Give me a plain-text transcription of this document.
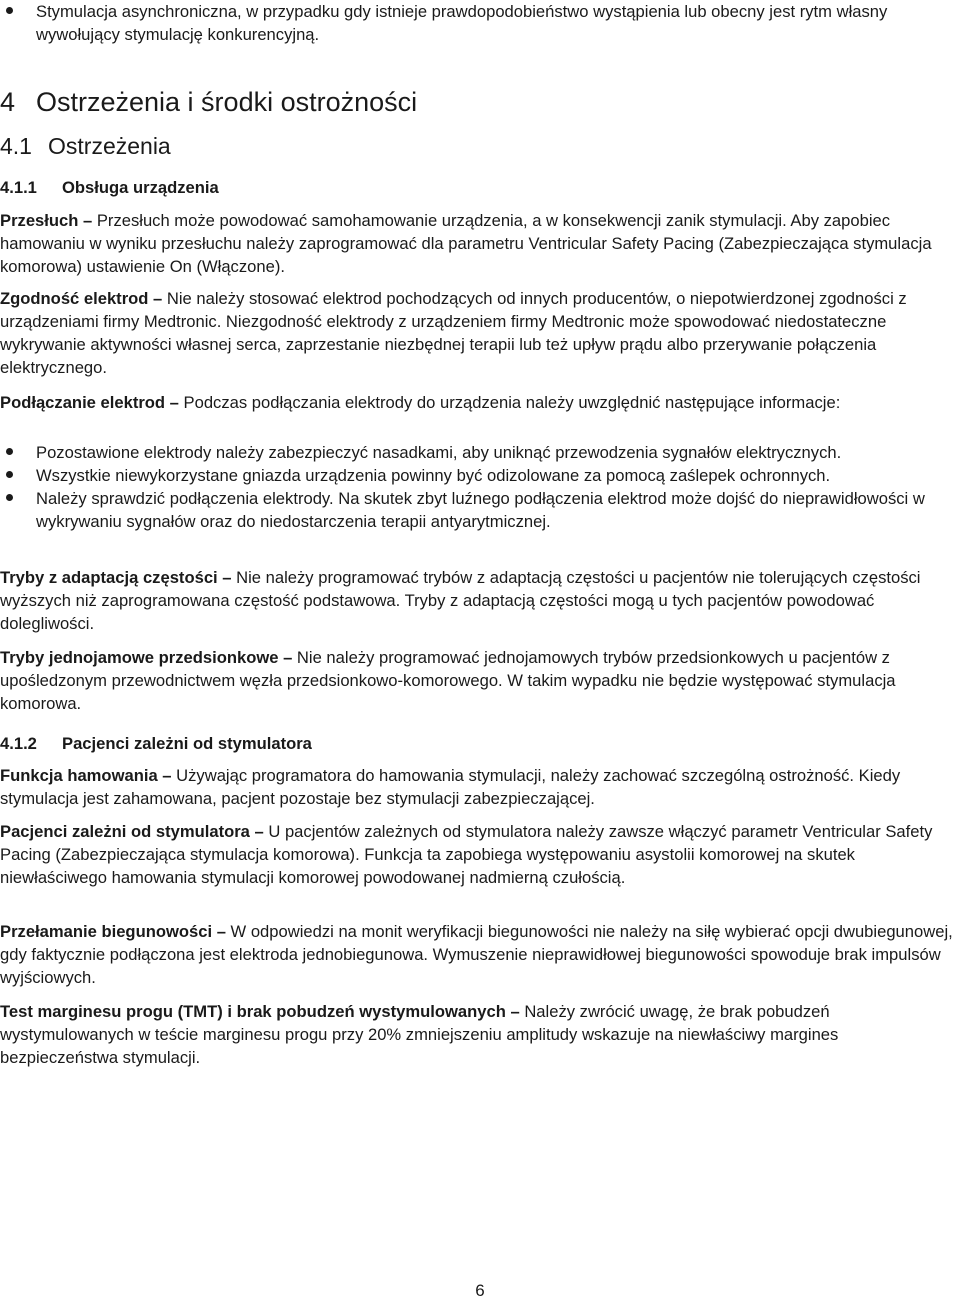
Stymulacja asynchroniczna, w przypadku gdy istnieje prawdopodobieństwo wystąpienia lub obecny jest rytm własny wywołujący stymulację konkurencyjną.
4 Ostrzeżenia i środki ostrożności
4.1 Ostrzeżenia
4.1.1 Obsługa urządzenia

Przesłuch – Przesłuch może powodować samohamowanie urządzenia, a w konsekwencji zanik stymulacji. Aby zapobiec hamowaniu w wyniku przesłuchu należy zaprogramować dla parametru Ventricular Safety Pacing (Zabezpieczająca stymulacja komorowa) ustawienie On (Włączone).

Zgodność elektrod – Nie należy stosować elektrod pochodzących od innych producentów, o niepotwierdzonej zgodności z urządzeniami firmy Medtronic. Niezgodność elektrody z urządzeniem firmy Medtronic może spowodować niedostateczne wykrywanie aktywności własnej serca, zaprzestanie niezbędnej terapii lub też upływ prądu albo przerywanie połączenia elektrycznego.

Podłączanie elektrod – Podczas podłączania elektrody do urządzenia należy uwzględnić następujące informacje:

Pozostawione elektrody należy zabezpieczyć nasadkami, aby uniknąć przewodzenia sygnałów elektrycznych.
Wszystkie niewykorzystane gniazda urządzenia powinny być odizolowane za pomocą zaślepek ochronnych.
Należy sprawdzić podłączenia elektrody. Na skutek zbyt luźnego podłączenia elektrod może dojść do nieprawidłowości w wykrywaniu sygnałów oraz do niedostarczenia terapii antyarytmicznej.

Tryby z adaptacją częstości – Nie należy programować trybów z adaptacją częstości u pacjentów nie tolerujących częstości wyższych niż zaprogramowana częstość podstawowa. Tryby z adaptacją częstości mogą u tych pacjentów powodować dolegliwości.

Tryby jednojamowe przedsionkowe – Nie należy programować jednojamowych trybów przedsionkowych u pacjentów z upośledzonym przewodnictwem węzła przedsionkowo-komorowego. W takim wypadku nie będzie występować stymulacja komorowa.

4.1.2 Pacjenci zależni od stymulatora

Funkcja hamowania – Używając programatora do hamowania stymulacji, należy zachować szczególną ostrożność. Kiedy stymulacja jest zahamowana, pacjent pozostaje bez stymulacji zabezpieczającej.

Pacjenci zależni od stymulatora – U pacjentów zależnych od stymulatora należy zawsze włączyć parametr Ventricular Safety Pacing (Zabezpieczająca stymulacja komorowa). Funkcja ta zapobiega występowaniu asystolii komorowej na skutek niewłaściwego hamowania stymulacji komorowej powodowanej nadmierną czułością.

Przełamanie biegunowości – W odpowiedzi na monit weryfikacji biegunowości nie należy na siłę wybierać opcji dwubiegunowej, gdy faktycznie podłączona jest elektroda jednobiegunowa. Wymuszenie nieprawidłowej biegunowości spowoduje brak impulsów wyjściowych.

Test marginesu progu (TMT) i brak pobudzeń wystymulowanych – Należy zwrócić uwagę, że brak pobudzeń wystymulowanych w teście marginesu progu przy 20% zmniejszeniu amplitudy wskazuje na niewłaściwy margines bezpieczeństwa stymulacji.

6
